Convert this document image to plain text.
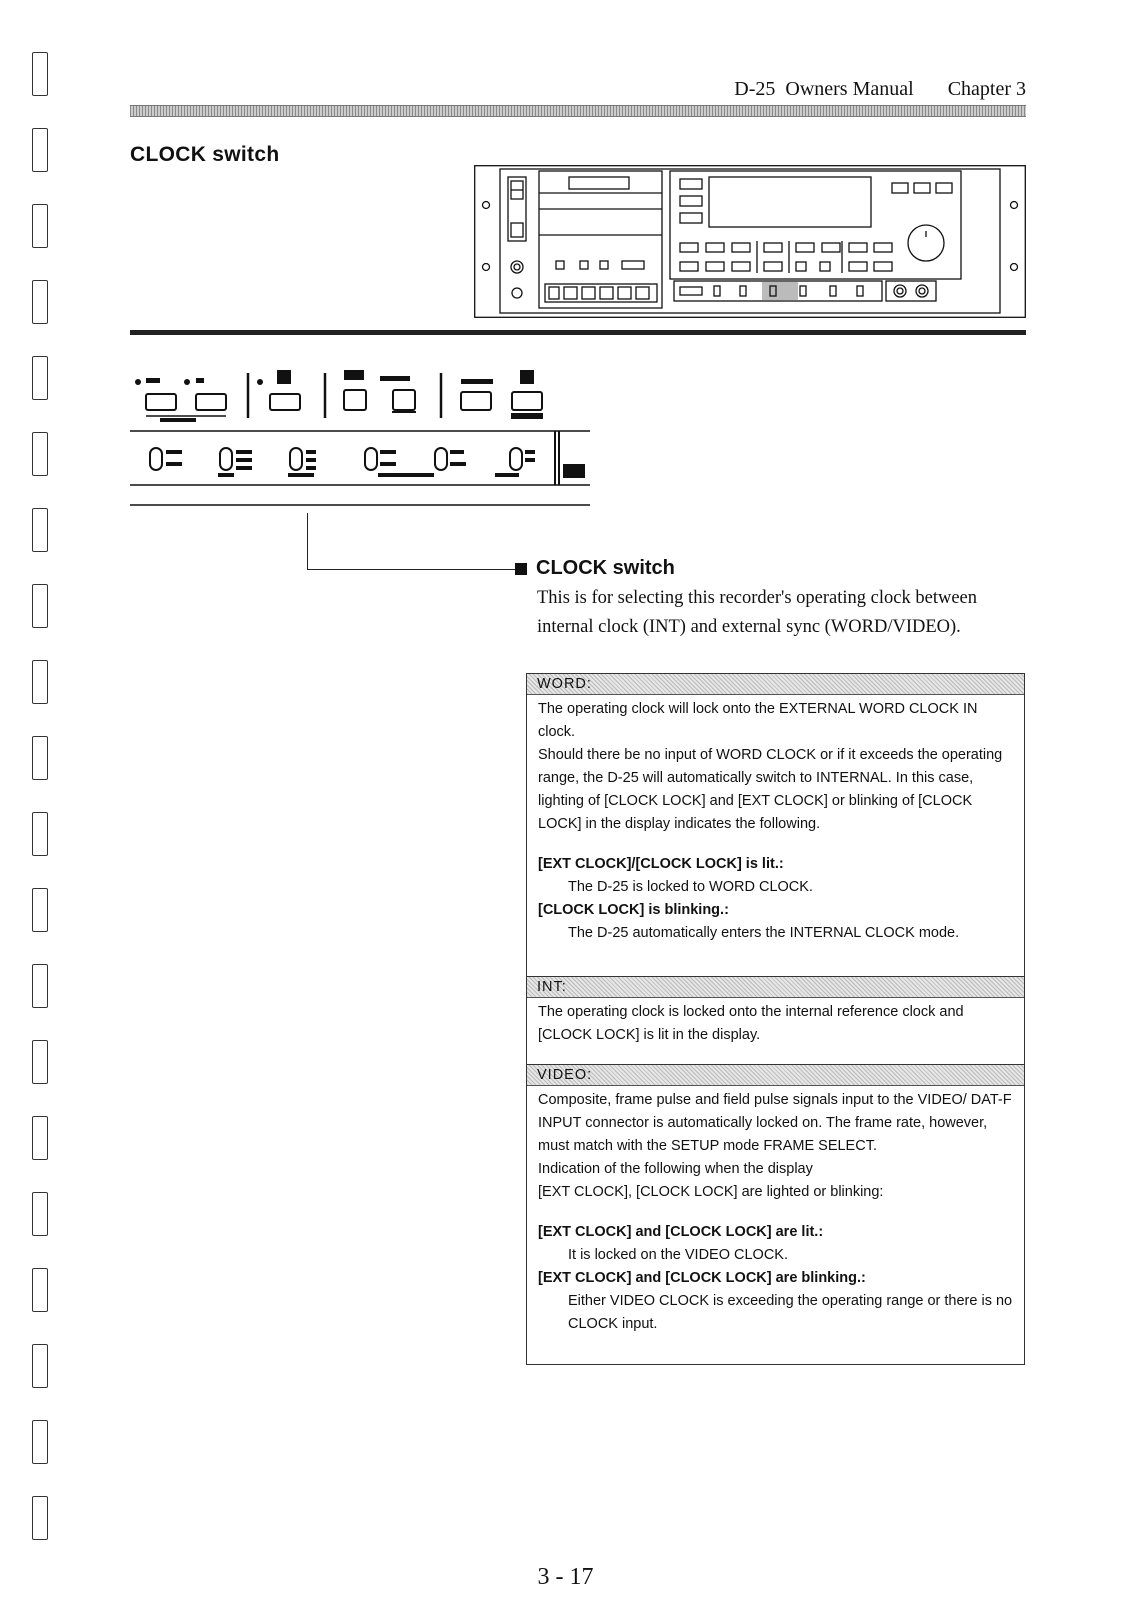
D-25 Owners Manual Chapter 3
CLOCK switch
CLOCK switch
This is for selecting this recorder's operating clock between internal clock (INT) and external sync (WORD/VIDEO).
WORD:

The operating clock will lock onto the EXTERNAL WORD CLOCK IN clock.

Should there be no input of WORD CLOCK or if it exceeds the operating range, the D-25 will automatically switch to INTERNAL. In this case, lighting of [CLOCK LOCK] and [EXT CLOCK] or blinking of [CLOCK LOCK] in the display indicates the following.

[EXT CLOCK]/[CLOCK LOCK] is lit.:

The D-25 is locked to WORD CLOCK.

[CLOCK LOCK] is blinking.:

The D-25 automatically enters the INTERNAL CLOCK mode.

INT:

The operating clock is locked onto the internal reference clock and [CLOCK LOCK] is lit in the display.

VIDEO:

Composite, frame pulse and field pulse signals input to the VIDEO/ DAT-F INPUT connector is automatically locked on. The frame rate, however, must match with the SETUP mode FRAME SELECT.

Indication of the following when the display

[EXT CLOCK], [CLOCK LOCK] are lighted or blinking:

[EXT CLOCK] and [CLOCK LOCK] are lit.:

It is locked on the VIDEO CLOCK.

[EXT CLOCK] and [CLOCK LOCK] are blinking.:

Either VIDEO CLOCK is exceeding the operating range or there is no CLOCK input.

3 - 17
